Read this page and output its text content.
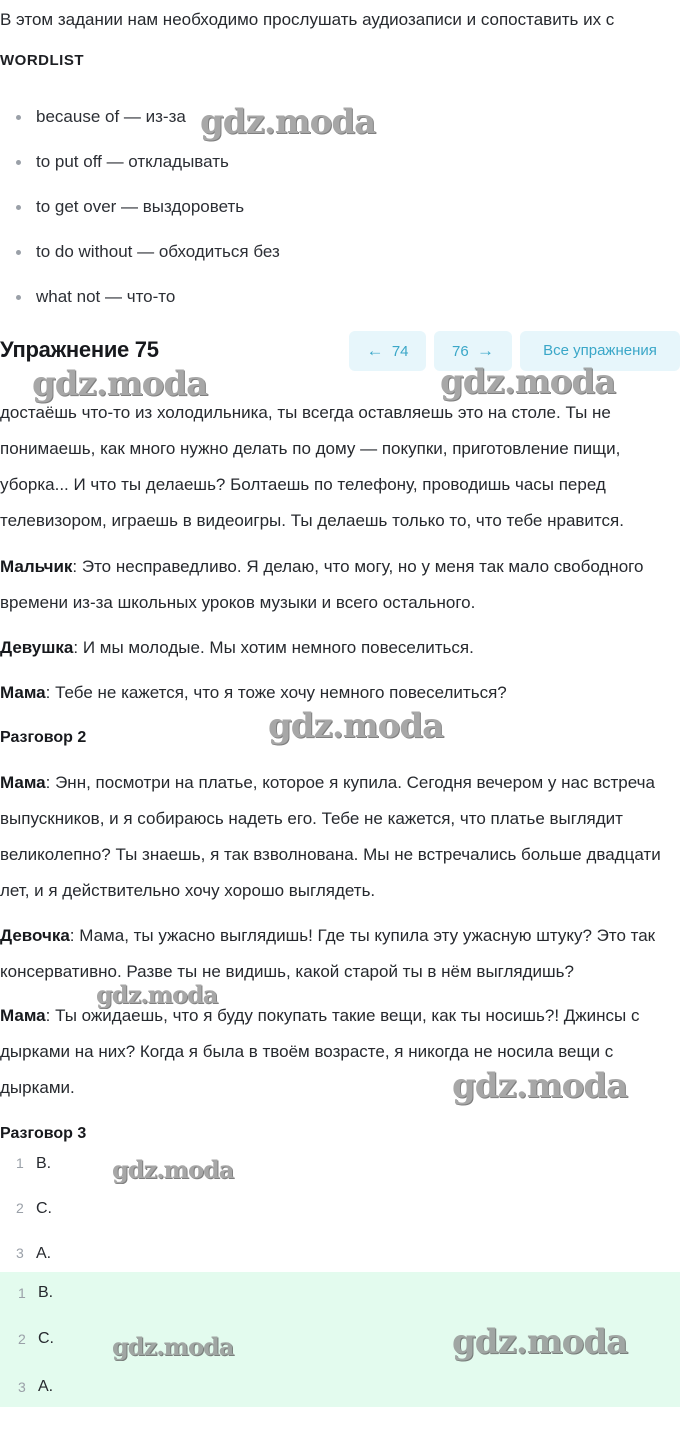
В этом задании нам необходимо прослушать аудиозаписи и сопоставить их с
WORDLIST
because of — из-за
to put off — откладывать
to get over — выздороветь
to do without — обходиться без
what not — что-то
Упражнение 75	← 74	76 →	Все упражнения
достаёшь что-то из холодильника, ты всегда оставляешь это на столе. Ты не понимаешь, как много нужно делать по дому — покупки, приготовление пищи, уборка... И что ты делаешь? Болтаешь по телефону, проводишь часы перед телевизором, играешь в видеоигры. Ты делаешь только то, что тебе нравится.
Мальчик: Это несправедливо. Я делаю, что могу, но у меня так мало свободного времени из-за школьных уроков музыки и всего остального.
Девушка: И мы молодые. Мы хотим немного повеселиться.
Мама: Тебе не кажется, что я тоже хочу немного повеселиться?
Разговор 2
Мама: Энн, посмотри на платье, которое я купила. Сегодня вечером у нас встреча выпускников, и я собираюсь надеть его. Тебе не кажется, что платье выглядит великолепно? Ты знаешь, я так взволнована. Мы не встречались больше двадцати лет, и я действительно хочу хорошо выглядеть.
Девочка: Мама, ты ужасно выглядишь! Где ты купила эту ужасную штуку? Это так консервативно. Разве ты не видишь, какой старой ты в нём выглядишь?
Мама: Ты ожидаешь, что я буду покупать такие вещи, как ты носишь?! Джинсы с дырками на них? Когда я была в твоём возрасте, я никогда не носила вещи с дырками.
Разговор 3
1 B.
2 C.
3 A.
1 B.
2 C.
3 A.
gdz.moda
gdz.moda	gdz.moda
gdz.moda
gdz.moda
gdz.moda
gdz.moda
gdz.moda	gdz.moda
